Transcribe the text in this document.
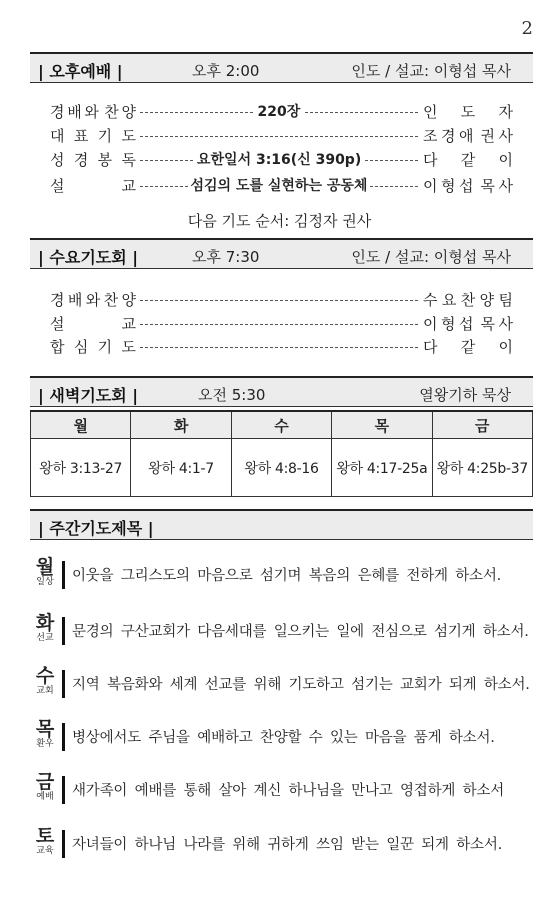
2
| 오후예배 |	오후 2:00	인도 / 설교: 이형섭 목사
경 배 와 찬 양	220장	인 도 자
대 표 기 도	조 경 애 권 사
성 경 봉 독	요한일서 3:16(신 390p)	다 같 이
설	교	섬김의 도를 실현하는 공동체	이 형 섭 목 사
다음 기도 순서: 김정자 권사
| 수요기도회 |	오후 7:30	인도 / 설교: 이형섭 목사
경 배 와 찬 양	수 요 찬 양 팀
설	교	이 형 섭 목 사
합 심 기 도	다 같 이
| 새벽기도회 |	오전 5:30	열왕기하 묵상
월	화	수	목	금
왕하 3:13-27	왕하 4:1-7	왕하 4:8-16	왕하 4:17-25a	왕하 4:25b-37
| 주간기도제목 |
월
일상 이웃을 그리스도의 마음으로 섬기며 복음의 은혜를 전하게 하소서.
화
선교 문경의 구산교회가 다음세대를 일으키는 일에 전심으로 섬기게 하소서.
수
교회 지역 복음화와 세계 선교를 위해 기도하고 섬기는 교회가 되게 하소서.
목
환우 병상에서도 주님을 예배하고 찬양할 수 있는 마음을 품게 하소서.
금
예배 새가족이 예배를 통해 살아 계신 하나님을 만나고 영접하게 하소서
토
교육 자녀들이 하나님 나라를 위해 귀하게 쓰임 받는 일꾼 되게 하소서.
